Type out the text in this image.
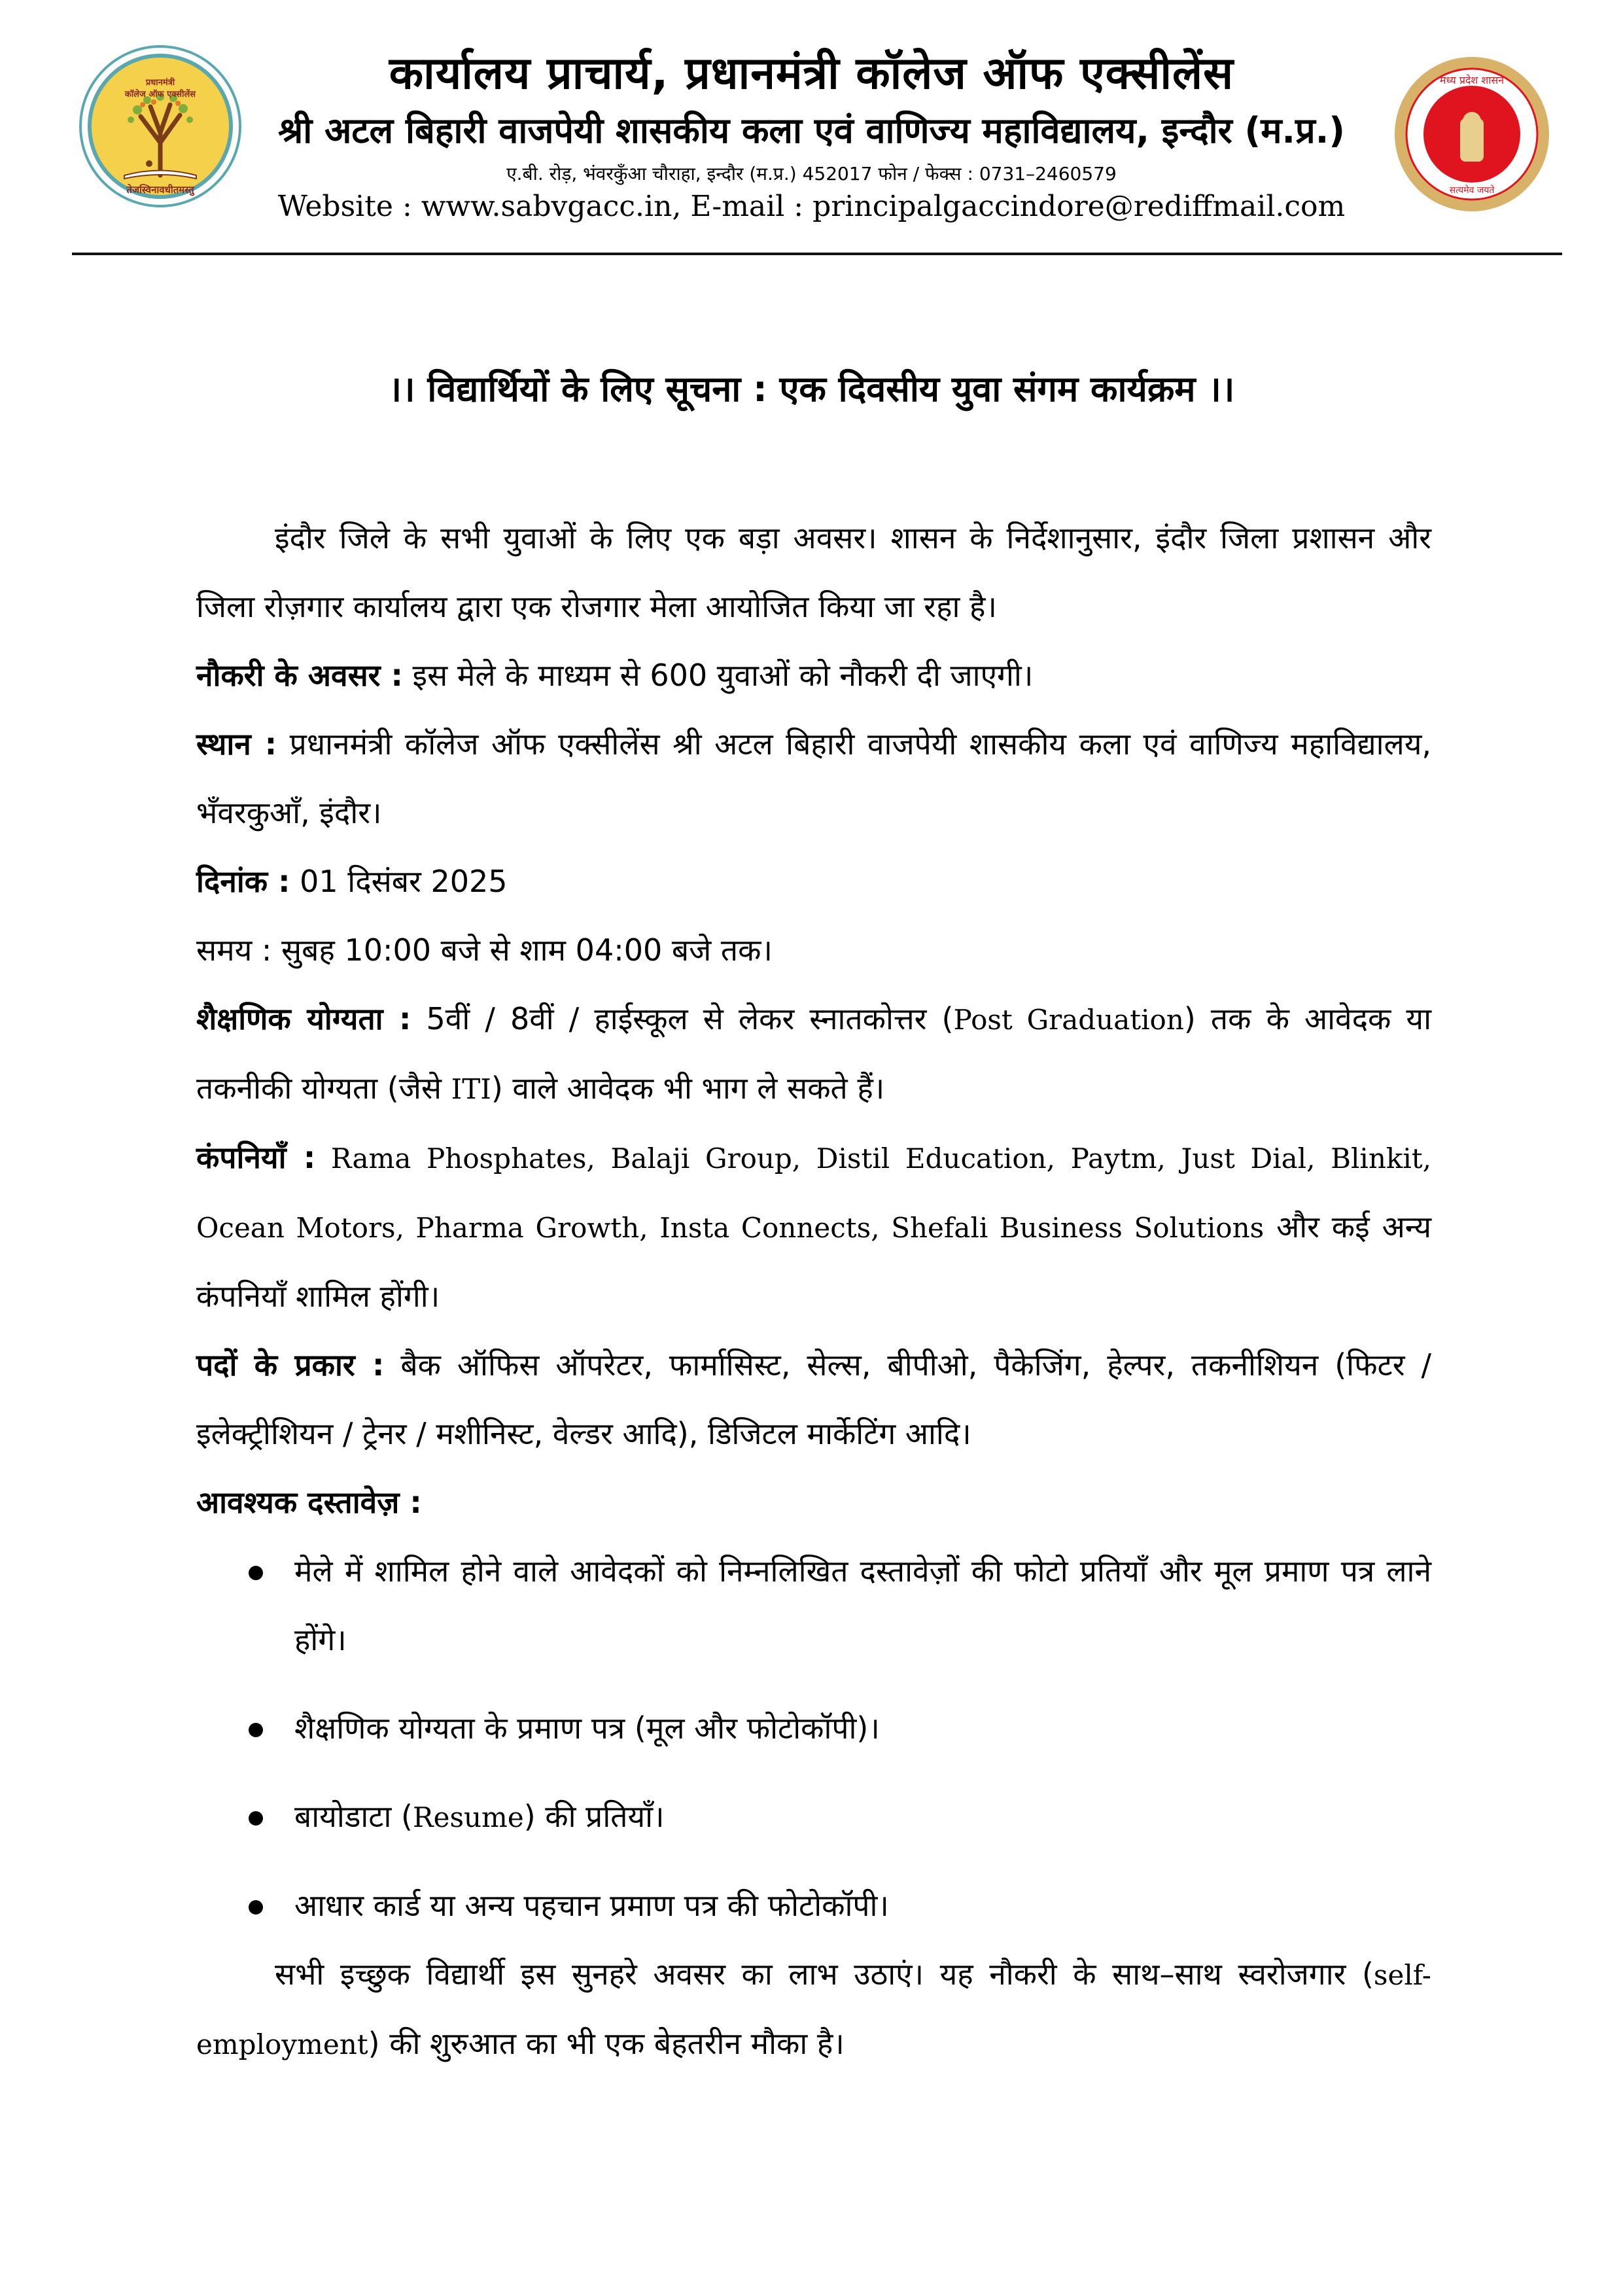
प्रधानमंत्री
कॉलेज ऑफ एक्सीलेंस
तेजस्विनावधीतमस्तु
मध्य प्रदेश शासन
सत्यमेव जयते
कार्यालय प्राचार्य, प्रधानमंत्री कॉलेज ऑफ एक्सीलेंस
श्री अटल बिहारी वाजपेयी शासकीय कला एवं वाणिज्य महाविद्यालय, इन्दौर (म.प्र.)
ए.बी. रोड़, भंवरकुँआ चौराहा, इन्दौर (म.प्र.) 452017 फोन / फेक्स : 0731–2460579
Website : www.sabvgacc.in, E-mail : principalgaccindore@rediffmail.com
।। विद्यार्थियों के लिए सूचना : एक दिवसीय युवा संगम कार्यक्रम ।।

इंदौर जिले के सभी युवाओं के लिए एक बड़ा अवसर। शासन के निर्देशानुसार, इंदौर जिला प्रशासन और जिला रोज़गार कार्यालय द्वारा एक रोजगार मेला आयोजित किया जा रहा है।

नौकरी के अवसर : इस मेले के माध्यम से 600 युवाओं को नौकरी दी जाएगी।

स्थान : प्रधानमंत्री कॉलेज ऑफ एक्सीलेंस श्री अटल बिहारी वाजपेयी शासकीय कला एवं वाणिज्य महाविद्यालय, भँवरकुआँ, इंदौर।

दिनांक : 01 दिसंबर 2025

समय : सुबह 10:00 बजे से शाम 04:00 बजे तक।

शैक्षणिक योग्यता : 5वीं / 8वीं / हाईस्कूल से लेकर स्नातकोत्तर (Post Graduation) तक के आवेदक या तकनीकी योग्यता (जैसे ITI) वाले आवेदक भी भाग ले सकते हैं।

कंपनियाँ : Rama Phosphates, Balaji Group, Distil Education, Paytm, Just Dial, Blinkit, Ocean Motors, Pharma Growth, Insta Connects, Shefali Business Solutions और कई अन्य कंपनियाँ शामिल होंगी।

पदों के प्रकार : बैक ऑफिस ऑपरेटर, फार्मासिस्ट, सेल्स, बीपीओ, पैकेजिंग, हेल्पर, तकनीशियन (फिटर / इलेक्ट्रीशियन / ट्रेनर / मशीनिस्ट, वेल्डर आदि), डिजिटल मार्केटिंग आदि।

आवश्यक दस्तावेज़ :

मेले में शामिल होने वाले आवेदकों को निम्नलिखित दस्तावेज़ों की फोटो प्रतियाँ और मूल प्रमाण पत्र लाने होंगे।
शैक्षणिक योग्यता के प्रमाण पत्र (मूल और फोटोकॉपी)।
बायोडाटा (Resume) की प्रतियाँ।
आधार कार्ड या अन्य पहचान प्रमाण पत्र की फोटोकॉपी।

सभी इच्छुक विद्यार्थी इस सुनहरे अवसर का लाभ उठाएं। यह नौकरी के साथ–साथ स्वरोजगार (self-employment) की शुरुआत का भी एक बेहतरीन मौका है।
